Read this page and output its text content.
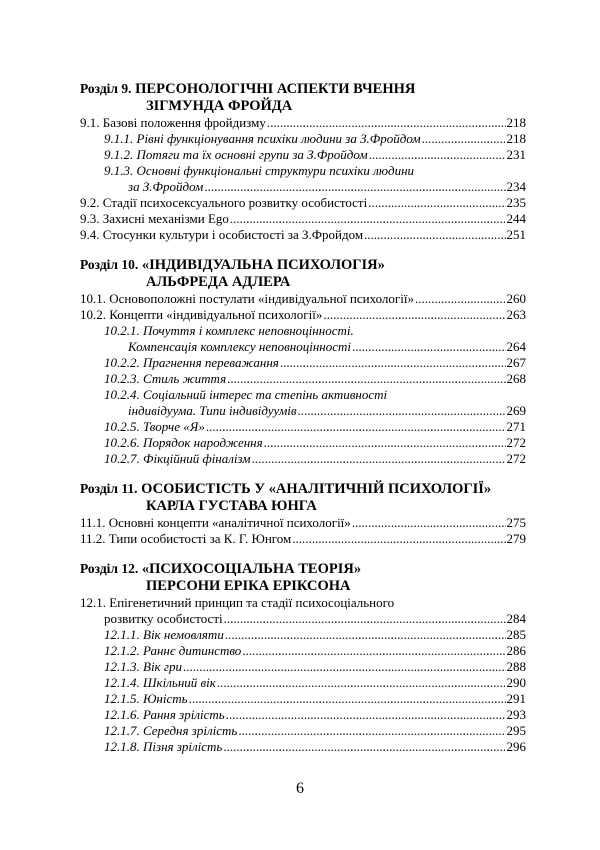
Розділ 9. ПЕРСОНОЛОГІЧНІ АСПЕКТИ ВЧЕННЯ
ЗІГМУНДА ФРОЙДА
9.1. Базові положення фройдизму .....	218
9.1.1. Рівні функціонування психіки людини за З.Фройдом .....	218
9.1.2. Потяги та їх основні групи за З.Фройдом .....	231
9.1.3. Основні функціональні структури психіки людини
за З.Фройдом .....	234
9.2. Стадії психосексуального розвитку особистості .....	235
9.3. Захисні механізми Ego .....	244
9.4. Стосунки культури і особистості за З.Фройдом .....	251
Розділ 10. «ІНДИВІДУАЛЬНА ПСИХОЛОГІЯ»
АЛЬФРЕДА АДЛЕРА
10.1. Основоположні постулати «індивідуальної психології» .....	260
10.2. Концепти «індивідуальної психології» .....	263
10.2.1. Почуття і комплекс неповноцінності.
Компенсація комплексу неповноцінності .....	264
10.2.2. Прагнення переважання .....	267
10.2.3. Стиль життя .....	268
10.2.4. Соціальний інтерес та степінь активності
індивідуума. Типи індивідуумів .....	269
10.2.5. Творче «Я» .....	271
10.2.6. Порядок народження .....	272
10.2.7. Фікційний фіналізм .....	272
Розділ 11. ОСОБИСТІСТЬ У «АНАЛІТИЧНІЙ ПСИХОЛОГІЇ»
КАРЛА ГУСТАВА ЮНГА
11.1. Основні концепти «аналітичної психології» .....	275
11.2. Типи особистості за К. Г. Юнгом .....	279
Розділ 12. «ПСИХОСОЦІАЛЬНА ТЕОРІЯ»
ПЕРСОНИ ЕРІКА ЕРІКСОНА
12.1. Епігенетичний принцип та стадії психосоціального
розвитку особистості .....	284
12.1.1. Вік немовляти .....	285
12.1.2. Раннє дитинство .....	286
12.1.3. Вік гри .....	288
12.1.4. Шкільний вік .....	290
12.1.5. Юність .....	291
12.1.6. Рання зрілість .....	293
12.1.7. Середня зрілість .....	295
12.1.8. Пізня зрілість .....	296
6
